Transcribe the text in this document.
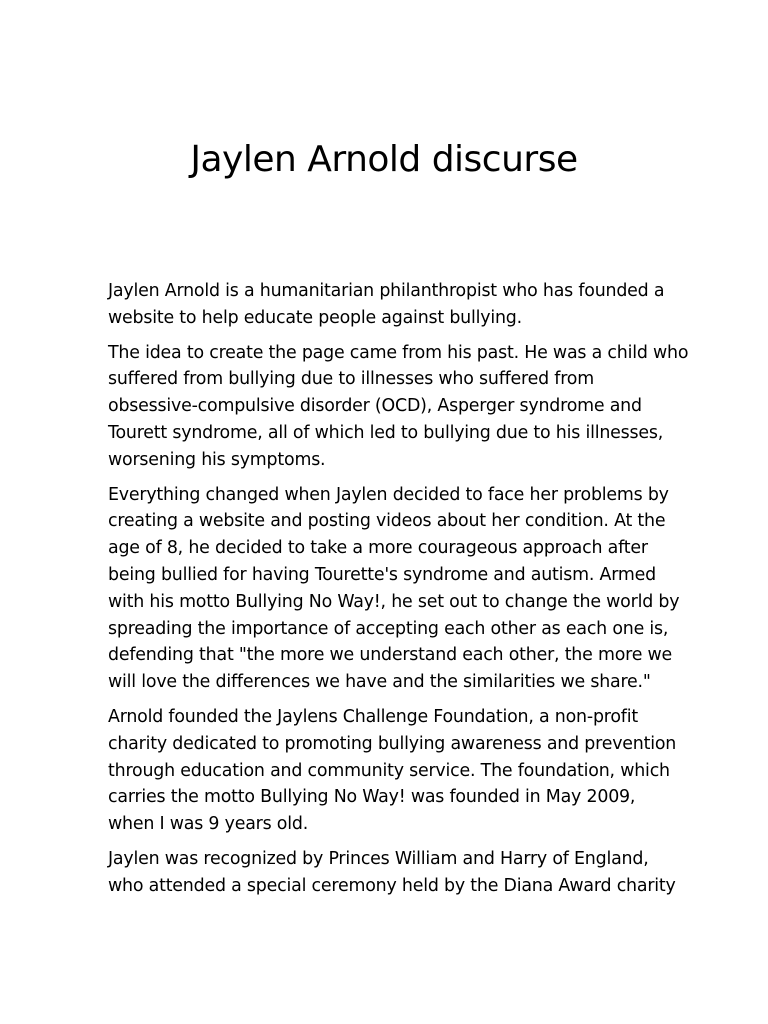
Jaylen Arnold discurse

Jaylen Arnold is a humanitarian philanthropist who has founded a
website to help educate people against bullying.

The idea to create the page came from his past. He was a child who
suffered from bullying due to illnesses who suffered from
obsessive-compulsive disorder (OCD), Asperger syndrome and
Tourett syndrome, all of which led to bullying due to his illnesses,
worsening his symptoms.

Everything changed when Jaylen decided to face her problems by
creating a website and posting videos about her condition. At the
age of 8, he decided to take a more courageous approach after
being bullied for having Tourette's syndrome and autism. Armed
with his motto Bullying No Way!, he set out to change the world by
spreading the importance of accepting each other as each one is,
defending that "the more we understand each other, the more we
will love the differences we have and the similarities we share."

Arnold founded the Jaylens Challenge Foundation, a non-profit
charity dedicated to promoting bullying awareness and prevention
through education and community service. The foundation, which
carries the motto Bullying No Way! was founded in May 2009,
when I was 9 years old.

Jaylen was recognized by Princes William and Harry of England,
who attended a special ceremony held by the Diana Award charity
